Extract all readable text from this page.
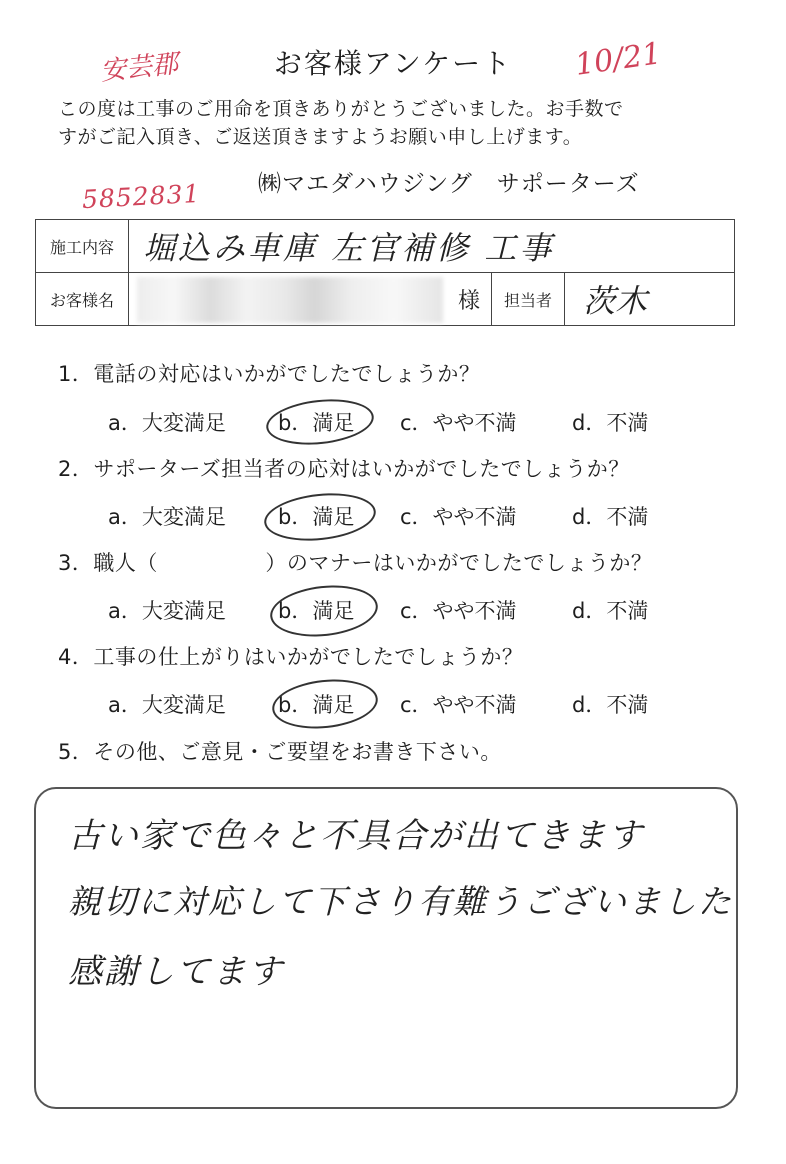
お客様アンケート
安芸郡	10/21
この度は工事のご用命を頂きありがとうございました。お手数で
すがご記入頂き、ご返送頂きますようお願い申し上げます。
㈱マエダハウジング　サポーターズ
5852831
施工内容	堀込み車庫 左官補修 工事			
お客様名		様	担当者	茨木
1．電話の対応はいかがでしたでしょうか？
a．大変満足 b．満足 c．やや不満	d．不満
2．サポーターズ担当者の応対はいかがでしたでしょうか？
a．大変満足 b．満足 c．やや不満	d．不満
3．職人（　　　　　）のマナーはいかがでしたでしょうか？
a．大変満足 b．満足 c．やや不満	d．不満
4．工事の仕上がりはいかがでしたでしょうか？
a．大変満足 b．満足 c．やや不満	d．不満
5．その他、ご意見・ご要望をお書き下さい。
古い家で色々と不具合が出てきます
親切に対応して下さり有難うございました
感謝してます
